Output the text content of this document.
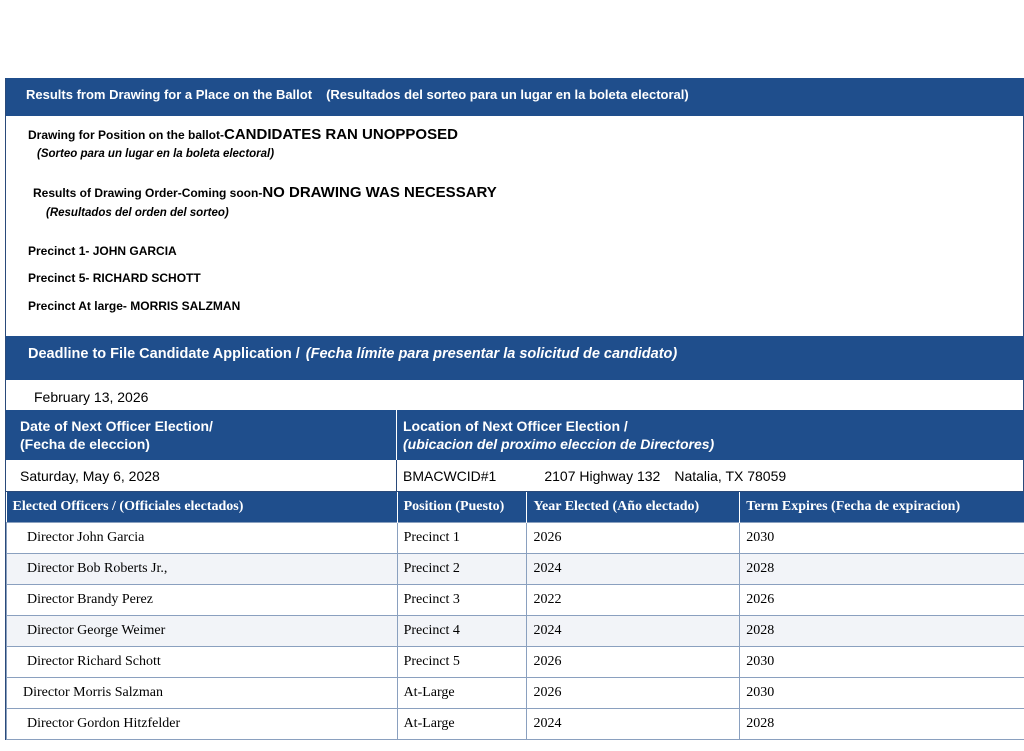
Results from Drawing for a Place on the Ballot (Resultados del sorteo para un lugar en la boleta electoral)
Drawing for Position on the ballot-CANDIDATES RAN UNOPPOSED
(Sorteo para un lugar en la boleta electoral)
Results of Drawing Order-Coming soon-NO DRAWING WAS NECESSARY
(Resultados del orden del sorteo)
Precinct 1- JOHN GARCIA
Precinct 5- RICHARD SCHOTT
Precinct At large- MORRIS SALZMAN
Deadline to File Candidate Application / (Fecha límite para presentar la solicitud de candidato)
February 13, 2026
Date of Next Officer Election/
(Fecha de eleccion)
Location of Next Officer Election /
(ubicacion del proximo eleccion de Directores)
Saturday, May 6, 2028	BMACWCID#1	2107 Highway 132 Natalia, TX 78059
Elected Officers / (Officiales electados)	Position (Puesto)	Year Elected (Año electado)	Term Expires (Fecha de expiracion)
Director John Garcia	Precinct 1	2026	2030
Director Bob Roberts Jr.,	Precinct 2	2024	2028
Director Brandy Perez	Precinct 3	2022	2026
Director George Weimer	Precinct 4	2024	2028
Director Richard Schott	Precinct 5	2026	2030
Director Morris Salzman	At-Large	2026	2030
Director Gordon Hitzfelder	At-Large	2024	2028
